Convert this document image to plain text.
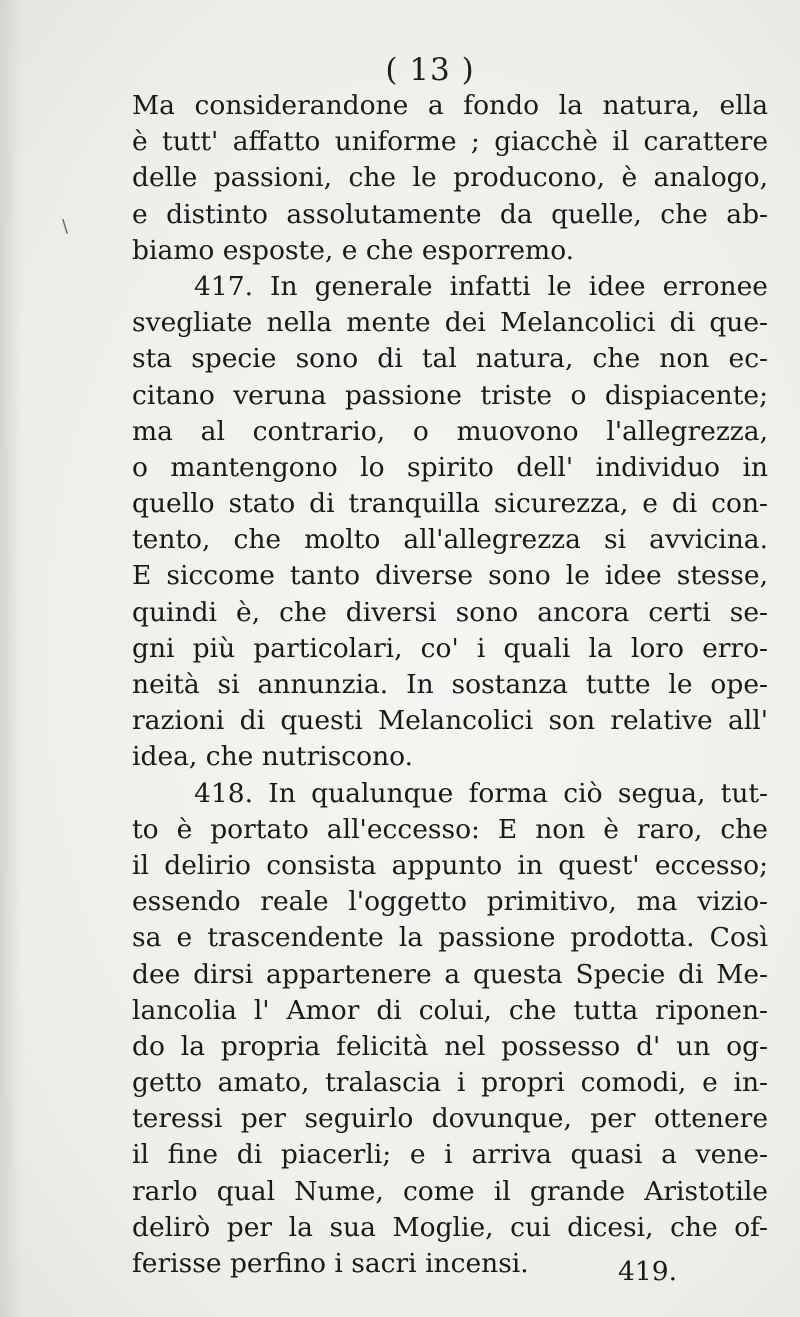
( 13 )
Ma considerandone a fondo la natura, ella
è tutt' affatto uniforme ; giacchè il carattere
delle passioni, che le producono, è analogo,
e distinto assolutamente da quelle, che ab-
biamo esposte, e che esporremo.
417. In generale infatti le idee erronee
svegliate nella mente dei Melancolici di que-
sta specie sono di tal natura, che non ec-
citano veruna passione triste o dispiacente;
ma al contrario, o muovono l'allegrezza,
o mantengono lo spirito dell' individuo in
quello stato di tranquilla sicurezza, e di con-
tento, che molto all'allegrezza si avvicina.
E siccome tanto diverse sono le idee stesse,
quindi è, che diversi sono ancora certi se-
gni più particolari, co' i quali la loro erro-
neità si annunzia. In sostanza tutte le ope-
razioni di questi Melancolici son relative all'
idea, che nutriscono.
418. In qualunque forma ciò segua, tut-
to è portato all'eccesso: E non è raro, che
il delirio consista appunto in quest' eccesso;
essendo reale l'oggetto primitivo, ma vizio-
sa e trascendente la passione prodotta. Così
dee dirsi appartenere a questa Specie di Me-
lancolia l' Amor di colui, che tutta riponen-
do la propria felicità nel possesso d' un og-
getto amato, tralascia i propri comodi, e in-
teressi per seguirlo dovunque, per ottenere
il fine di piacerli; e i arriva quasi a vene-
rarlo qual Nume, come il grande Aristotile
delirò per la sua Moglie, cui dicesi, che of-
ferisse perfino i sacri incensi.	419.
\
